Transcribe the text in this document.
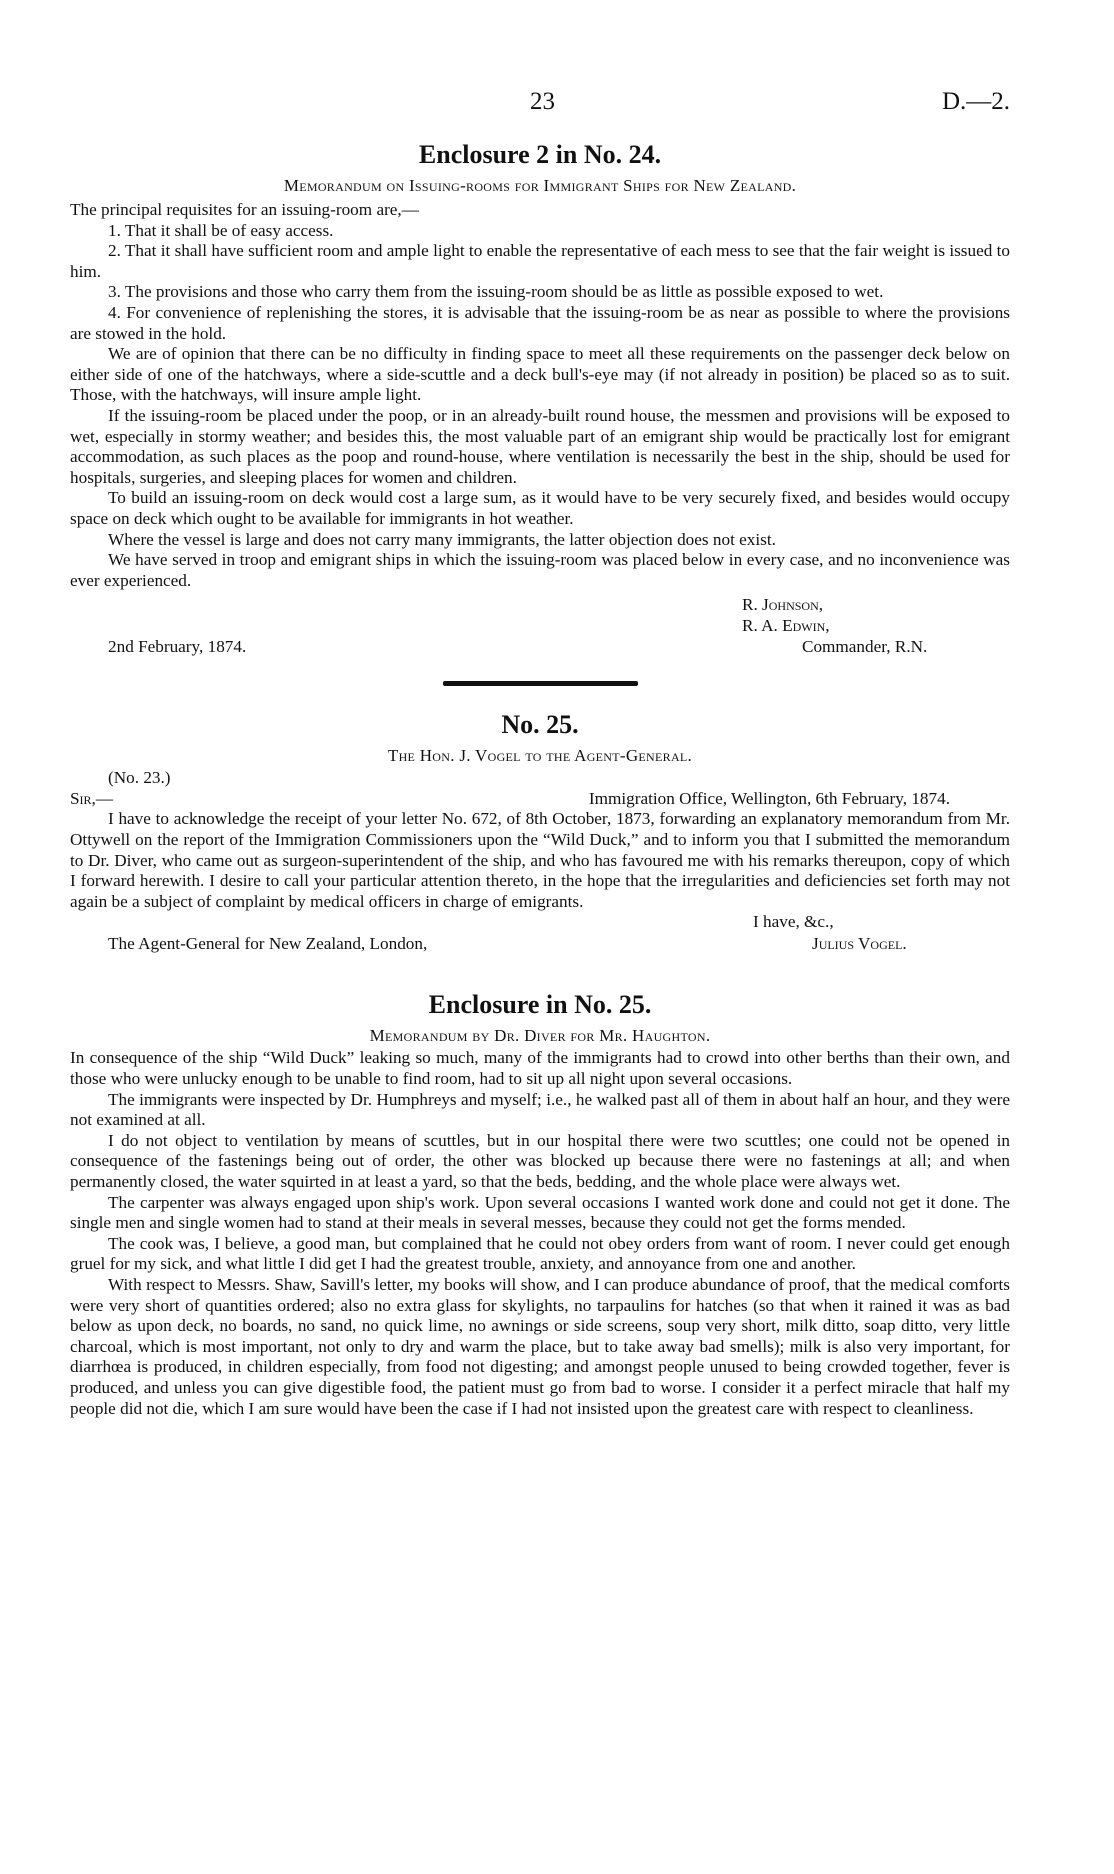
23	D.—2.
Enclosure 2 in No. 24.
Memorandum on Issuing-rooms for Immigrant Ships for New Zealand.

The principal requisites for an issuing-room are,—

1. That it shall be of easy access.

2. That it shall have sufficient room and ample light to enable the representative of each mess to see that the fair weight is issued to him.

3. The provisions and those who carry them from the issuing-room should be as little as possible exposed to wet.

4. For convenience of replenishing the stores, it is advisable that the issuing-room be as near as possible to where the provisions are stowed in the hold.

We are of opinion that there can be no difficulty in finding space to meet all these requirements on the passenger deck below on either side of one of the hatchways, where a side-scuttle and a deck bull's-eye may (if not already in position) be placed so as to suit. Those, with the hatchways, will insure ample light.

If the issuing-room be placed under the poop, or in an already-built round house, the messmen and provisions will be exposed to wet, especially in stormy weather; and besides this, the most valuable part of an emigrant ship would be practically lost for emigrant accommodation, as such places as the poop and round-house, where ventilation is necessarily the best in the ship, should be used for hospitals, surgeries, and sleeping places for women and children.

To build an issuing-room on deck would cost a large sum, as it would have to be very securely fixed, and besides would occupy space on deck which ought to be available for immigrants in hot weather.

Where the vessel is large and does not carry many immigrants, the latter objection does not exist.

We have served in troop and emigrant ships in which the issuing-room was placed below in every case, and no inconvenience was ever experienced.

R. Johnson,
R. A. Edwin,
Commander, R.N.
2nd February, 1874.
No. 25.
The Hon. J. Vogel to the Agent-General.

(No. 23.)

Sir,—	Immigration Office, Wellington, 6th February, 1874.

I have to acknowledge the receipt of your letter No. 672, of 8th October, 1873, forwarding an explanatory memorandum from Mr. Ottywell on the report of the Immigration Commissioners upon the “Wild Duck,” and to inform you that I submitted the memorandum to Dr. Diver, who came out as surgeon-superintendent of the ship, and who has favoured me with his remarks thereupon, copy of which I forward herewith. I desire to call your particular attention thereto, in the hope that the irregularities and deficiencies set forth may not again be a subject of complaint by medical officers in charge of emigrants.

I have, &c.,
The Agent-General for New Zealand, London,	Julius Vogel.
Enclosure in No. 25.
Memorandum by Dr. Diver for Mr. Haughton.

In consequence of the ship “Wild Duck” leaking so much, many of the immigrants had to crowd into other berths than their own, and those who were unlucky enough to be unable to find room, had to sit up all night upon several occasions.

The immigrants were inspected by Dr. Humphreys and myself; i.e., he walked past all of them in about half an hour, and they were not examined at all.

I do not object to ventilation by means of scuttles, but in our hospital there were two scuttles; one could not be opened in consequence of the fastenings being out of order, the other was blocked up because there were no fastenings at all; and when permanently closed, the water squirted in at least a yard, so that the beds, bedding, and the whole place were always wet.

The carpenter was always engaged upon ship's work. Upon several occasions I wanted work done and could not get it done. The single men and single women had to stand at their meals in several messes, because they could not get the forms mended.

The cook was, I believe, a good man, but complained that he could not obey orders from want of room. I never could get enough gruel for my sick, and what little I did get I had the greatest trouble, anxiety, and annoyance from one and another.

With respect to Messrs. Shaw, Savill's letter, my books will show, and I can produce abundance of proof, that the medical comforts were very short of quantities ordered; also no extra glass for skylights, no tarpaulins for hatches (so that when it rained it was as bad below as upon deck, no boards, no sand, no quick lime, no awnings or side screens, soup very short, milk ditto, soap ditto, very little charcoal, which is most important, not only to dry and warm the place, but to take away bad smells); milk is also very important, for diarrhœa is produced, in children especially, from food not digesting; and amongst people unused to being crowded together, fever is produced, and unless you can give digestible food, the patient must go from bad to worse. I consider it a perfect miracle that half my people did not die, which I am sure would have been the case if I had not insisted upon the greatest care with respect to cleanliness.
